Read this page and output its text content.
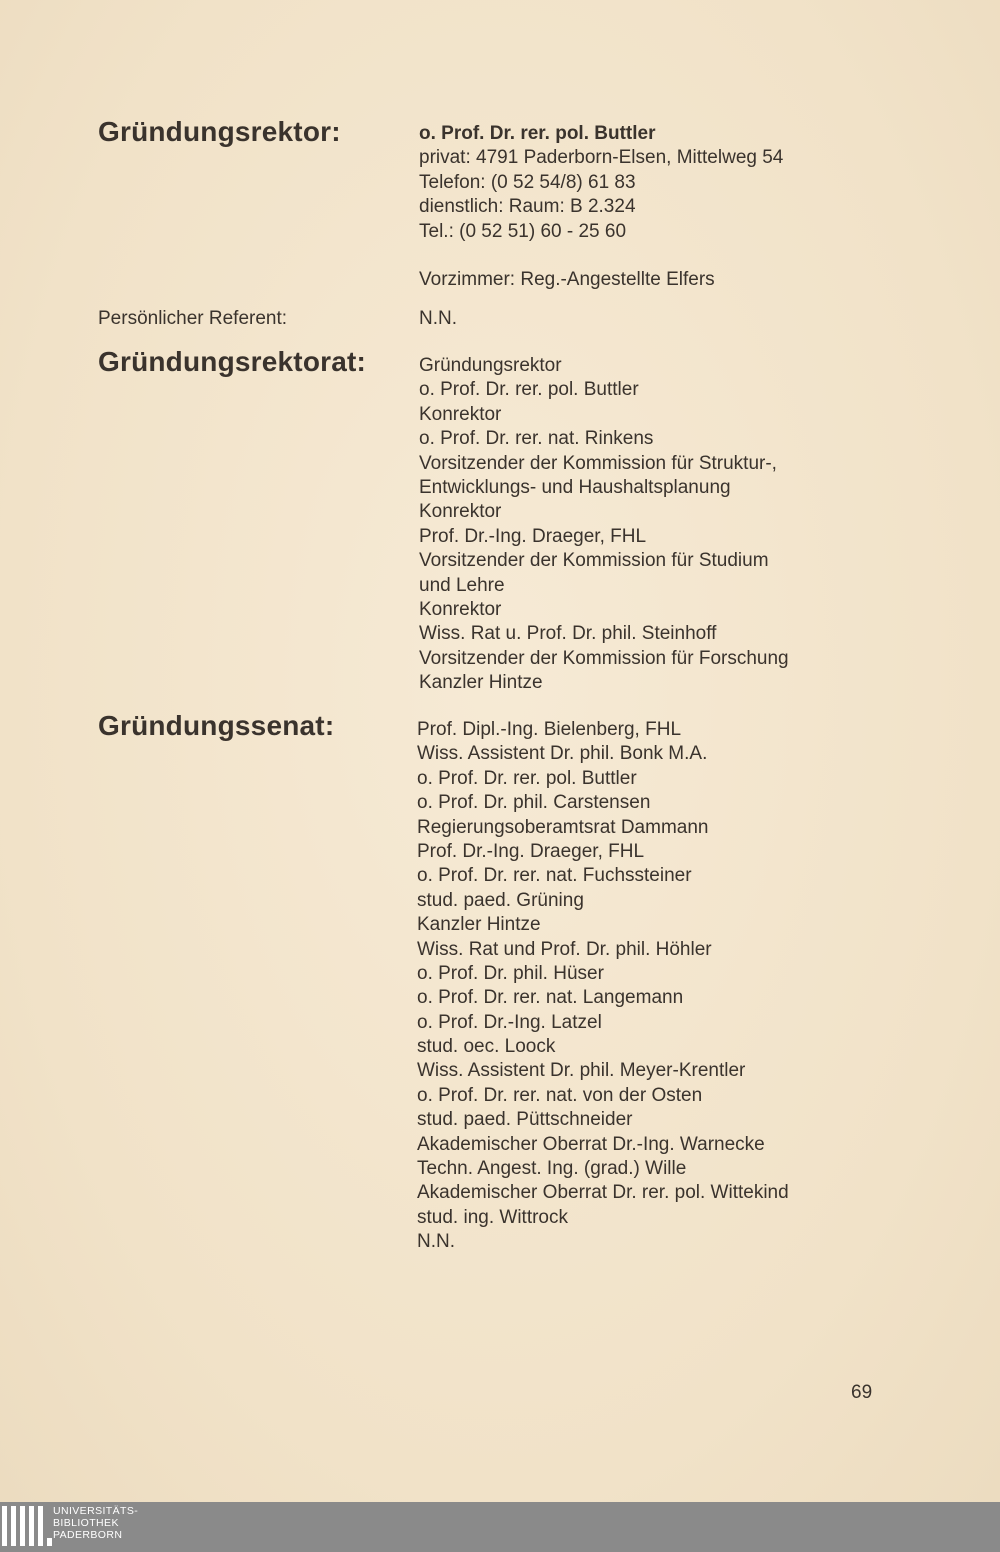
Gründungsrektor:	o. Prof. Dr. rer. pol. Buttler
privat: 4791 Paderborn-Elsen, Mittelweg 54
Telefon: (0 52 54/8) 61 83
dienstlich: Raum: B 2.324
Tel.: (0 52 51) 60 - 25 60
Vorzimmer: Reg.-Angestellte Elfers
Persönlicher Referent:	N.N.
Gründungsrektorat:	Gründungsrektor
o. Prof. Dr. rer. pol. Buttler
Konrektor
o. Prof. Dr. rer. nat. Rinkens
Vorsitzender der Kommission für Struktur-,
Entwicklungs- und Haushaltsplanung
Konrektor
Prof. Dr.-Ing. Draeger, FHL
Vorsitzender der Kommission für Studium
und Lehre
Konrektor
Wiss. Rat u. Prof. Dr. phil. Steinhoff
Vorsitzender der Kommission für Forschung
Kanzler Hintze
Gründungssenat:	Prof. Dipl.-Ing. Bielenberg, FHL
Wiss. Assistent Dr. phil. Bonk M.A.
o. Prof. Dr. rer. pol. Buttler
o. Prof. Dr. phil. Carstensen
Regierungsoberamtsrat Dammann
Prof. Dr.-Ing. Draeger, FHL
o. Prof. Dr. rer. nat. Fuchssteiner
stud. paed. Grüning
Kanzler Hintze
Wiss. Rat und Prof. Dr. phil. Höhler
o. Prof. Dr. phil. Hüser
o. Prof. Dr. rer. nat. Langemann
o. Prof. Dr.-Ing. Latzel
stud. oec. Loock
Wiss. Assistent Dr. phil. Meyer-Krentler
o. Prof. Dr. rer. nat. von der Osten
stud. paed. Püttschneider
Akademischer Oberrat Dr.-Ing. Warnecke
Techn. Angest. Ing. (grad.) Wille
Akademischer Oberrat Dr. rer. pol. Wittekind
stud. ing. Wittrock
N.N.
69
UNIVERSITÄTS-
BIBLIOTHEK
PADERBORN
